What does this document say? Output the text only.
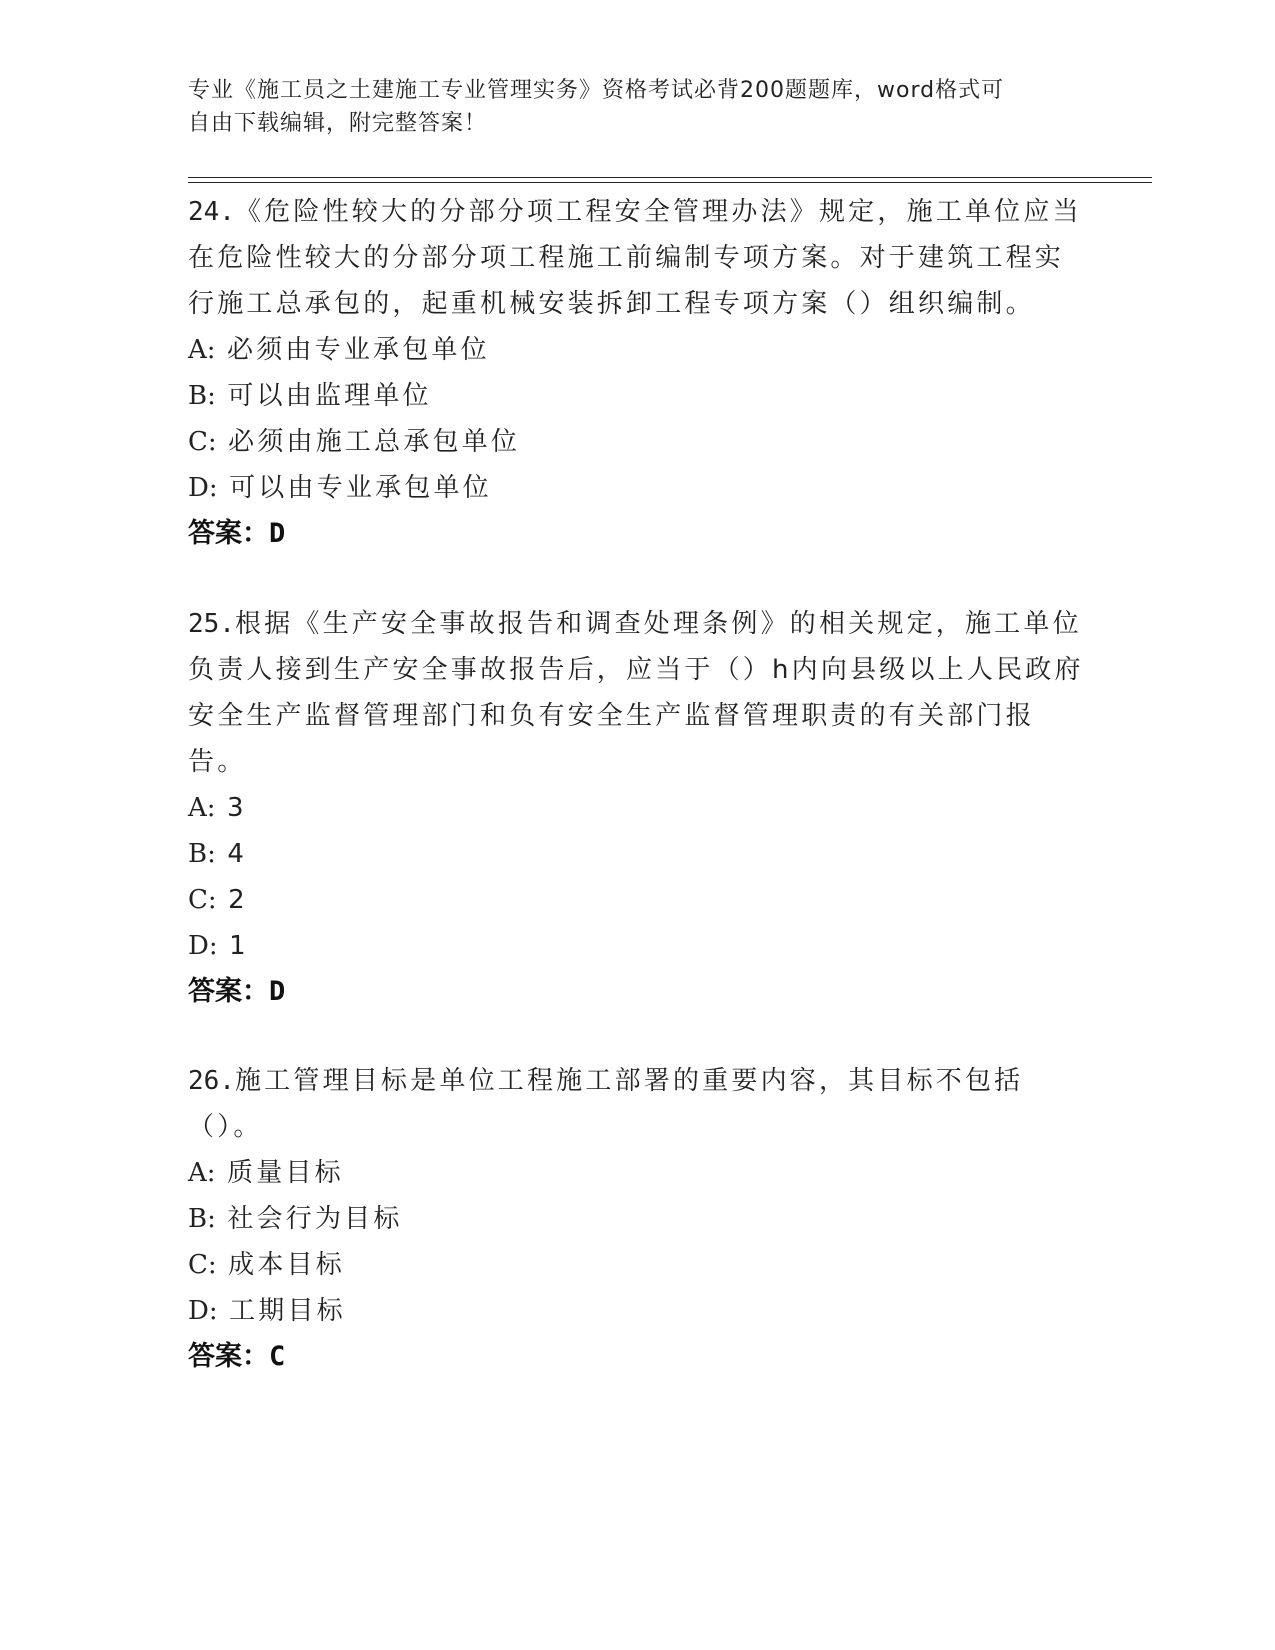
专业《施工员之土建施工专业管理实务》资格考试必背200题题库，word格式可
自由下载编辑，附完整答案！

24.《危险性较大的分部分项工程安全管理办法》规定，施工单位应当在危险性较大的分部分项工程施工前编制专项方案。对于建筑工程实行施工总承包的，起重机械安装拆卸工程专项方案（）组织编制。

A: 必须由专业承包单位

B: 可以由监理单位

C: 必须由施工总承包单位

D: 可以由专业承包单位

答案：D

25.根据《生产安全事故报告和调查处理条例》的相关规定，施工单位负责人接到生产安全事故报告后，应当于（）h内向县级以上人民政府安全生产监督管理部门和负有安全生产监督管理职责的有关部门报告。

A: 3

B: 4

C: 2

D: 1

答案：D

26.施工管理目标是单位工程施工部署的重要内容，其目标不包括（）。

A: 质量目标

B: 社会行为目标

C: 成本目标

D: 工期目标

答案：C
